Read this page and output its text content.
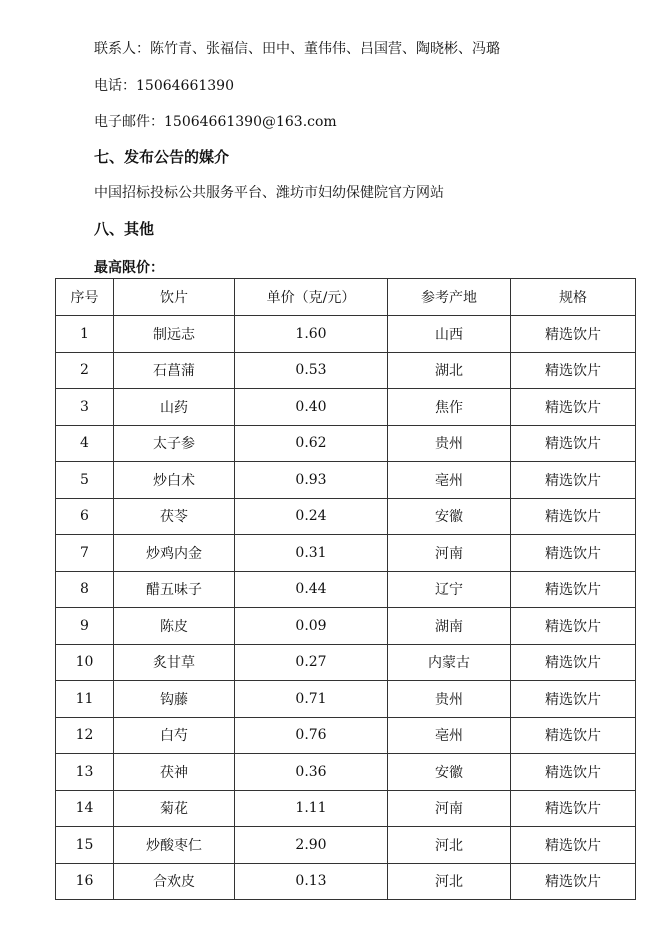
联系人：陈竹青、张福信、田中、董伟伟、吕国营、陶晓彬、冯璐
电话：15064661390
电子邮件：15064661390@163.com
七、发布公告的媒介
中国招标投标公共服务平台、潍坊市妇幼保健院官方网站
八、其他
最高限价：
序号	饮片	单价（克/元）	参考产地	规格
1	制远志	1.60	山西	精选饮片
2	石菖蒲	0.53	湖北	精选饮片
3	山药	0.40	焦作	精选饮片
4	太子参	0.62	贵州	精选饮片
5	炒白术	0.93	亳州	精选饮片
6	茯苓	0.24	安徽	精选饮片
7	炒鸡内金	0.31	河南	精选饮片
8	醋五味子	0.44	辽宁	精选饮片
9	陈皮	0.09	湖南	精选饮片
10	炙甘草	0.27	内蒙古	精选饮片
11	钩藤	0.71	贵州	精选饮片
12	白芍	0.76	亳州	精选饮片
13	茯神	0.36	安徽	精选饮片
14	菊花	1.11	河南	精选饮片
15	炒酸枣仁	2.90	河北	精选饮片
16	合欢皮	0.13	河北	精选饮片
